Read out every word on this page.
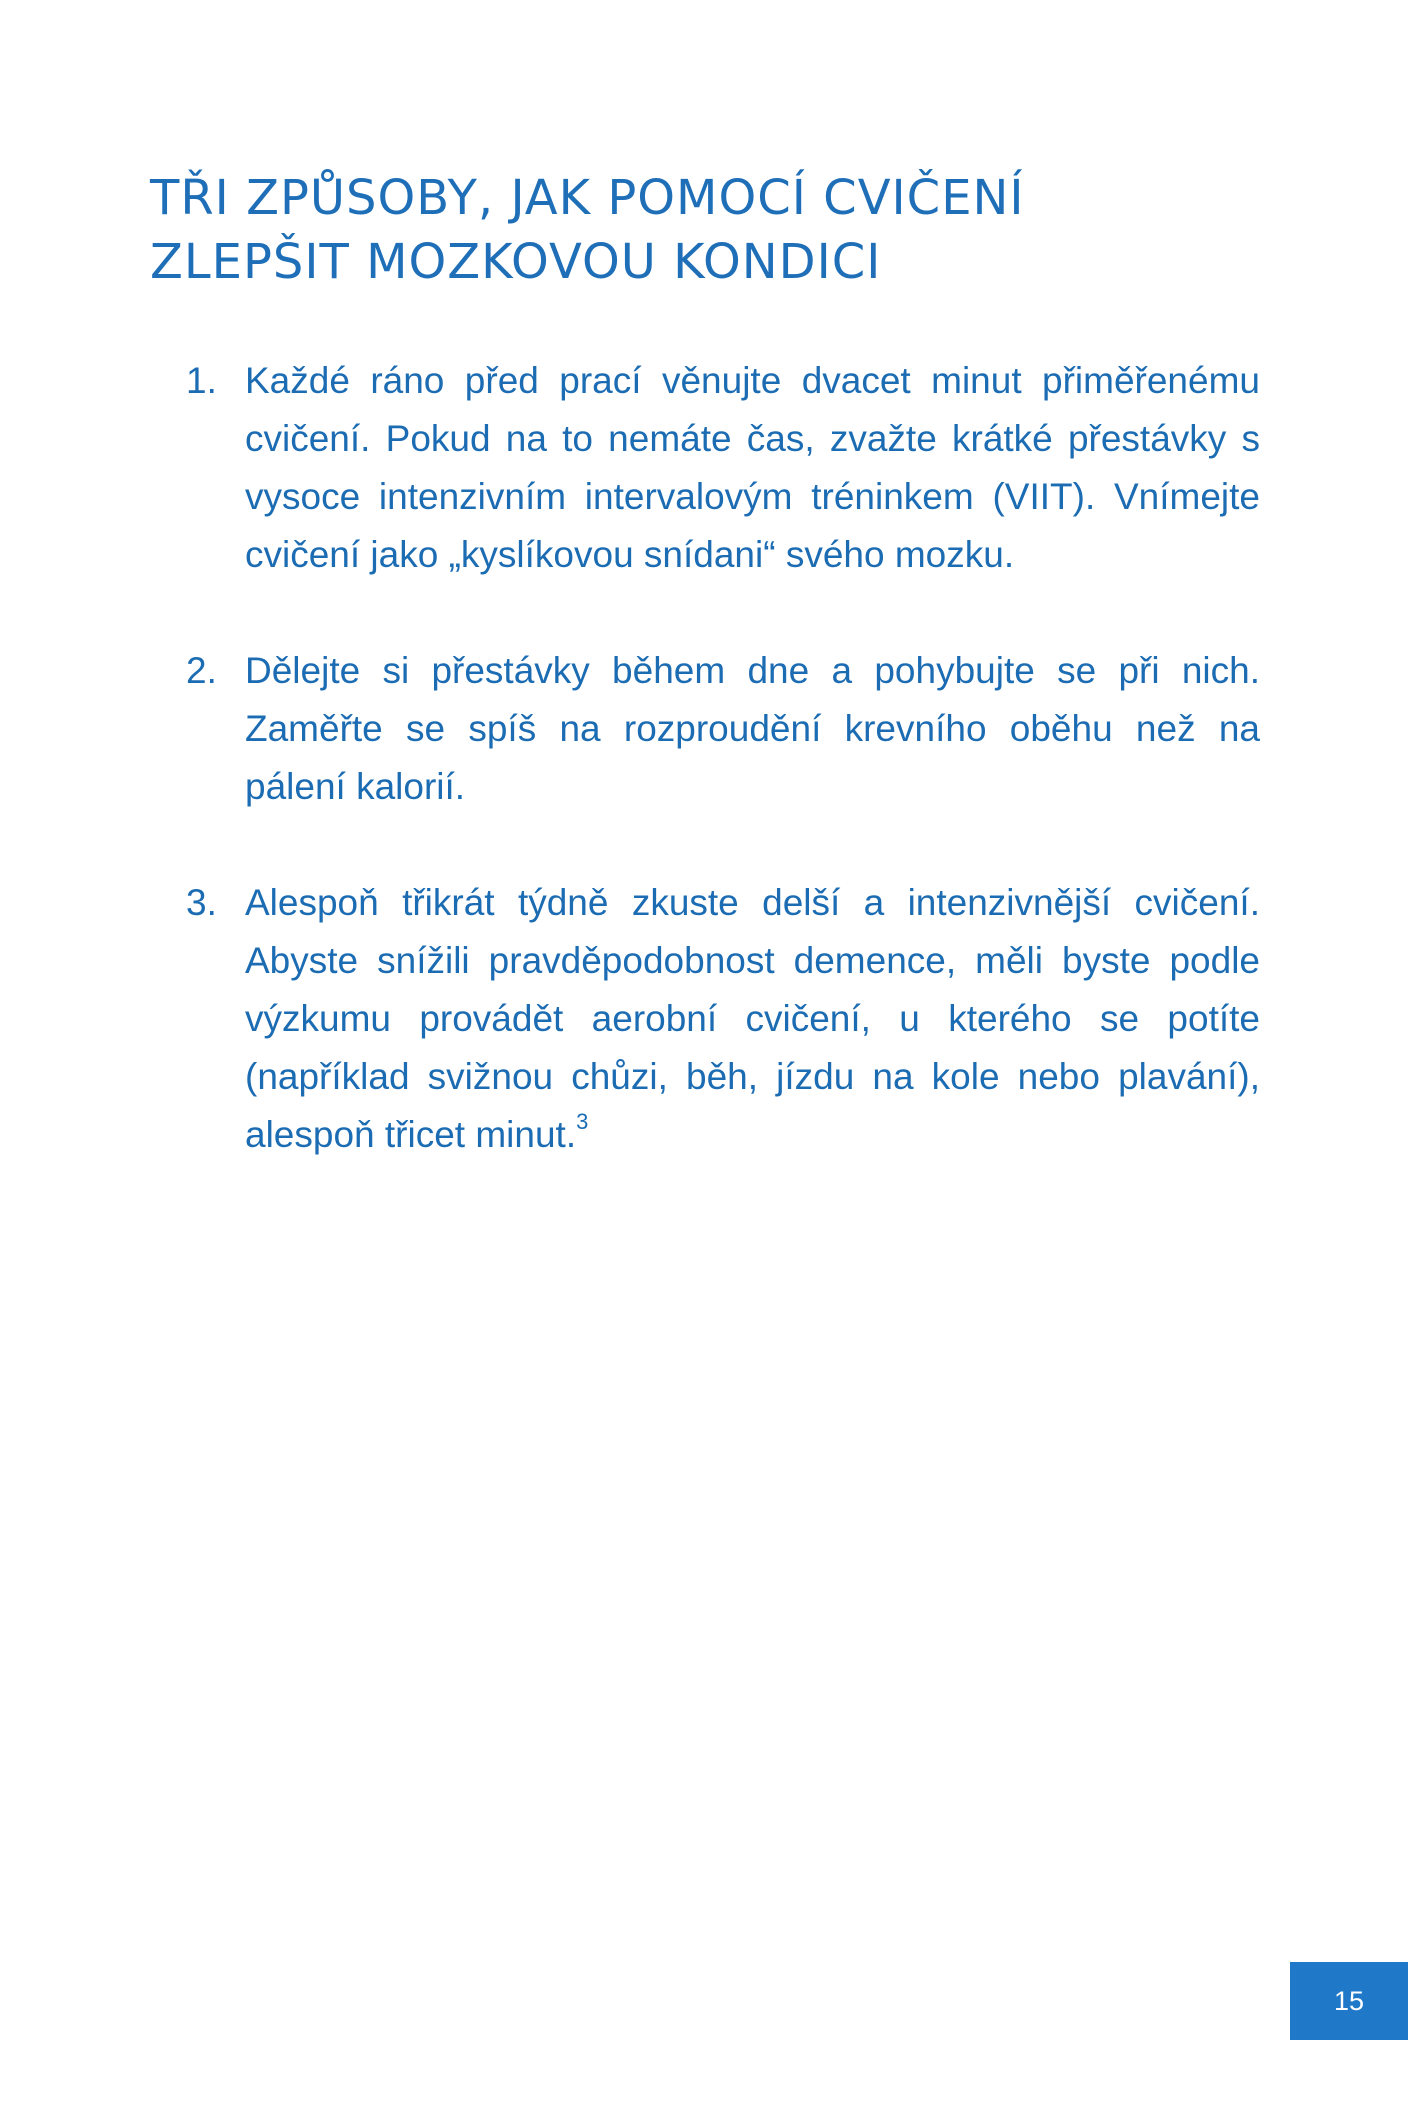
TŘI ZPŮSOBY, JAK POMOCÍ CVIČENÍ
ZLEPŠIT MOZKOVOU KONDICI
1. Každé ráno před prací věnujte dvacet minut přiměřenému cvičení. Pokud na to nemáte čas, zvažte krátké přestávky s vysoce intenzivním intervalovým tréninkem (VIIT). Vnímejte cvičení jako „kyslíkovou snídani“ svého mozku.
2. Dělejte si přestávky během dne a pohybujte se při nich. Zaměřte se spíš na rozproudění krevního oběhu než na pálení kalorií.
3. Alespoň třikrát týdně zkuste delší a intenzivnější cvičení. Abyste snížili pravděpodobnost demence, měli byste podle výzkumu provádět aerobní cvičení, u kterého se potíte (například svižnou chůzi, běh, jízdu na kole nebo plavání), alespoň třicet minut.$^3$
15
